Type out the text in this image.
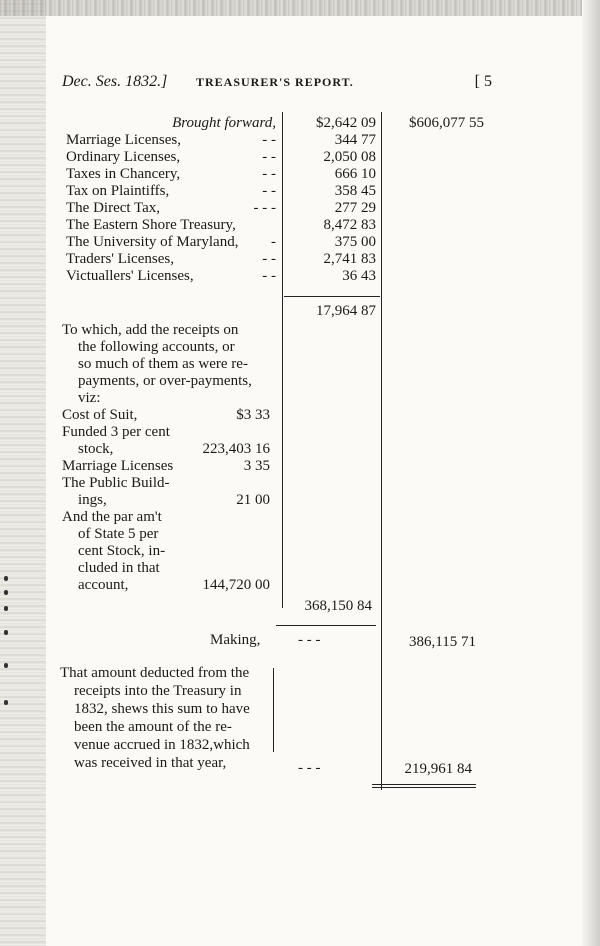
Dec. Ses. 1832.] TREASURER'S REPORT.	[ 5
Brought forward,	$2,642 09	$606,077 55
Marriage Licenses,	- -	344 77
Ordinary Licenses,	- -	2,050 08
Taxes in Chancery,	- -	666 10
Tax on Plaintiffs,	- -	358 45
The Direct Tax,	- - -	277 29
The Eastern Shore Treasury,	8,472 83
The University of Maryland,	-	375 00
Traders' Licenses,	- -	2,741 83
Victuallers' Licenses,	- -	36 43
17,964 87
To which, add the receipts on
the following accounts, or
so much of them as were re-
payments, or over-payments,
viz:
Cost of Suit,	$3 33
Funded 3 per cent
stock,	223,403 16
Marriage Licenses	3 35
The Public Build-
ings,	21 00
And the par am't
of State 5 per
cent Stock, in-
cluded in that
account,	144,720 00
368,150 84
Making,	- - -	386,115 71
That amount deducted from the
receipts into the Treasury in
1832, shews this sum to have
been the amount of the re-
venue accrued in 1832,which
was received in that year,	- - -	219,961 84
